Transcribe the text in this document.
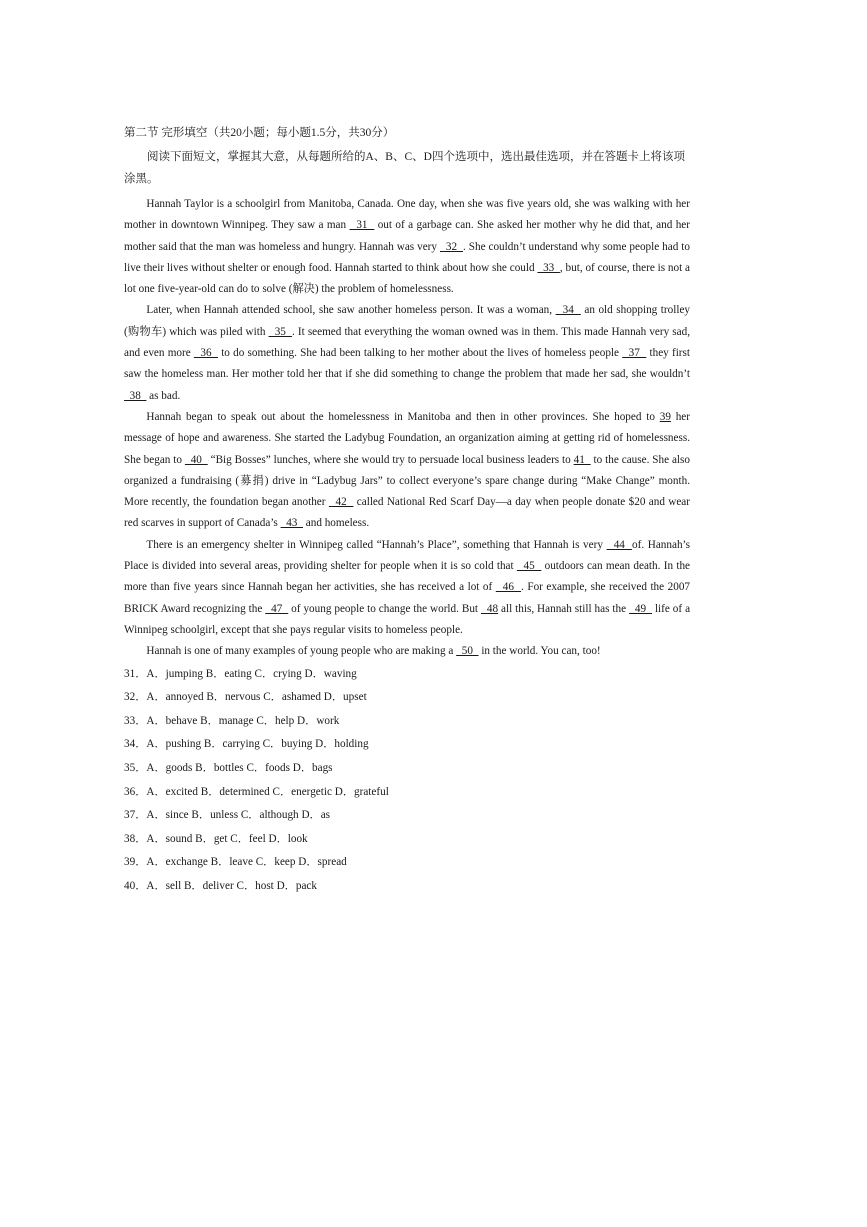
第二节 完形填空（共20小题；每小题1.5分，共30分）
阅读下面短文，掌握其大意，从每题所给的A、B、C、D四个选项中，选出最佳选项，并在答题卡上将该项涂黑。

Hannah Taylor is a schoolgirl from Manitoba, Canada. One day, when she was five years old, she was walking with her mother in downtown Winnipeg. They saw a man   31   out of a garbage can. She asked her mother why he did that, and her mother said that the man was homeless and hungry. Hannah was very   32  . She couldn’t understand why some people had to live their lives without shelter or enough food. Hannah started to think about how she could   33  , but, of course, there is not a lot one five-year-old can do to solve (解决) the problem of homelessness.

Later, when Hannah attended school, she saw another homeless person. It was a woman,   34   an old shopping trolley (购物车) which was piled with   35  . It seemed that everything the woman owned was in them. This made Hannah very sad, and even more   36   to do something. She had been talking to her mother about the lives of homeless people   37   they first saw the homeless man. Her mother told her that if she did something to change the problem that made her sad, she wouldn’t   38   as bad.

Hannah began to speak out about the homelessness in Manitoba and then in other provinces. She hoped to 39 her message of hope and awareness. She started the Ladybug Foundation, an organization aiming at getting rid of homelessness. She began to   40   “Big Bosses” lunches, where she would try to persuade local business leaders to 41   to the cause. She also organized a fundraising (募捐) drive in “Ladybug Jars” to collect everyone’s spare change during “Make Change” month. More recently, the foundation began another   42   called National Red Scarf Day—a day when people donate $20 and wear red scarves in support of Canada’s   43   and homeless.

There is an emergency shelter in Winnipeg called “Hannah’s Place”, something that Hannah is very   44  of. Hannah’s Place is divided into several areas, providing shelter for people when it is so cold that   45   outdoors can mean death. In the more than five years since Hannah began her activities, she has received a lot of   46  . For example, she received the 2007 BRICK Award recognizing the   47   of young people to change the world. But   48 all this, Hannah still has the   49   life of a Winnipeg schoolgirl, except that she pays regular visits to homeless people.

Hannah is one of many examples of young people who are making a   50   in the world. You can, too!

31．A．jumping B．eating C．crying D．waving
32．A．annoyed B．nervous C．ashamed D．upset
33．A．behave B．manage C．help D．work
34．A．pushing B．carrying C．buying D．holding
35．A．goods B．bottles C．foods D．bags
36．A．excited B．determined C．energetic D．grateful
37．A．since B．unless C．although D．as
38．A．sound B．get C．feel D．look
39．A．exchange B．leave C．keep D．spread
40．A．sell B．deliver C．host D．pack
